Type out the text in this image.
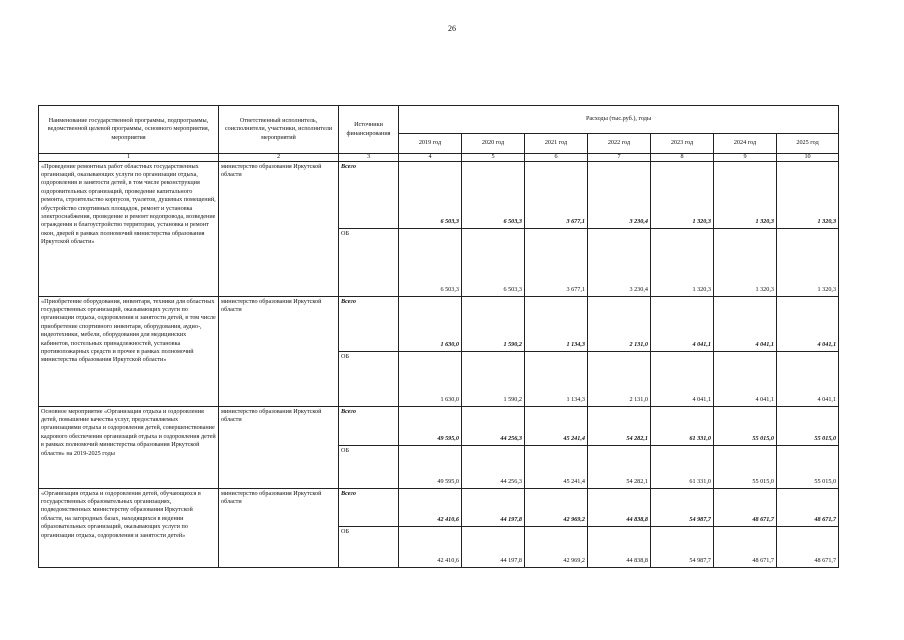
26
Наименование государственной программы, подпрограммы, ведомственной целевой программы, основного мероприятия, мероприятия	Ответственный исполнитель, соисполнители, участники, исполнители мероприятий	Источники финансирования	Расходы (тыс.руб.), годы						
			2019 год	2020 год	2021 год	2022 год	2023 год	2024 год	2025 год
1	2	3	4	5	6	7	8	9	10
«Проведение ремонтных работ областных государственных организаций, оказывающих услуги по организации отдыха, оздоровления и занятости детей, в том числе реконструкция оздоровительных организаций, проведение капитального ремонта, строительство корпусов, туалетов, душевых помещений, обустройство спортивных площадок, ремонт и установка электроснабжения, проведение и ремонт водопровода, возведение ограждения и благоустройство территории, установка и ремонт окон, дверей в рамках полномочий министерства образования Иркутской области»	министерство образования Иркутской области	Всего	6 503,3	6 503,3	3 677,1	3 230,4	1 320,3	1 320,3	1 320,3
		ОБ	6 503,3	6 503,3	3 677,1	3 230,4	1 320,3	1 320,3	1 320,3
«Приобретение оборудования, инвентаря, техники для областных государственных организаций, оказывающих услуги по организации отдыха, оздоровления и занятости детей, в том числе приобретение спортивного инвентаря, оборудования, аудио-, видеотехники, мебели, оборудования для медицинских кабинетов, постельных принадлежностей, установка противопожарных средств и прочее в рамках полномочий министерства образования Иркутской области»	министерство образования Иркутской области	Всего	1 630,0	1 590,2	1 134,3	2 131,0	4 041,1	4 041,1	4 041,1
		ОБ	1 630,0	1 590,2	1 134,3	2 131,0	4 041,1	4 041,1	4 041,1
Основное мероприятие «Организация отдыха и оздоровления детей, повышение качества услуг, предоставляемых организациями отдыха и оздоровления детей, совершенствование кадрового обеспечения организаций отдыха и оздоровления детей в рамках полномочий министерства образования Иркутской области» на 2019-2025 годы	министерство образования Иркутской области	Всего	49 595,0	44 256,3	45 241,4	54 282,1	61 331,0	55 015,0	55 015,0
		ОБ	49 595,0	44 256,3	45 241,4	54 282,1	61 331,0	55 015,0	55 015,0
«Организация отдыха и оздоровления детей, обучающихся в государственных образовательных организациях, подведомственных министерству образования Иркутской области, на загородных базах, находящихся в ведении образовательных организаций, оказывающих услуги по организации отдыха, оздоровления и занятости детей»	министерство образования Иркутской области	Всего	42 410,6	44 197,8	42 969,2	44 838,8	54 987,7	48 671,7	48 671,7
		ОБ	42 410,6	44 197,8	42 969,2	44 838,8	54 987,7	48 671,7	48 671,7
